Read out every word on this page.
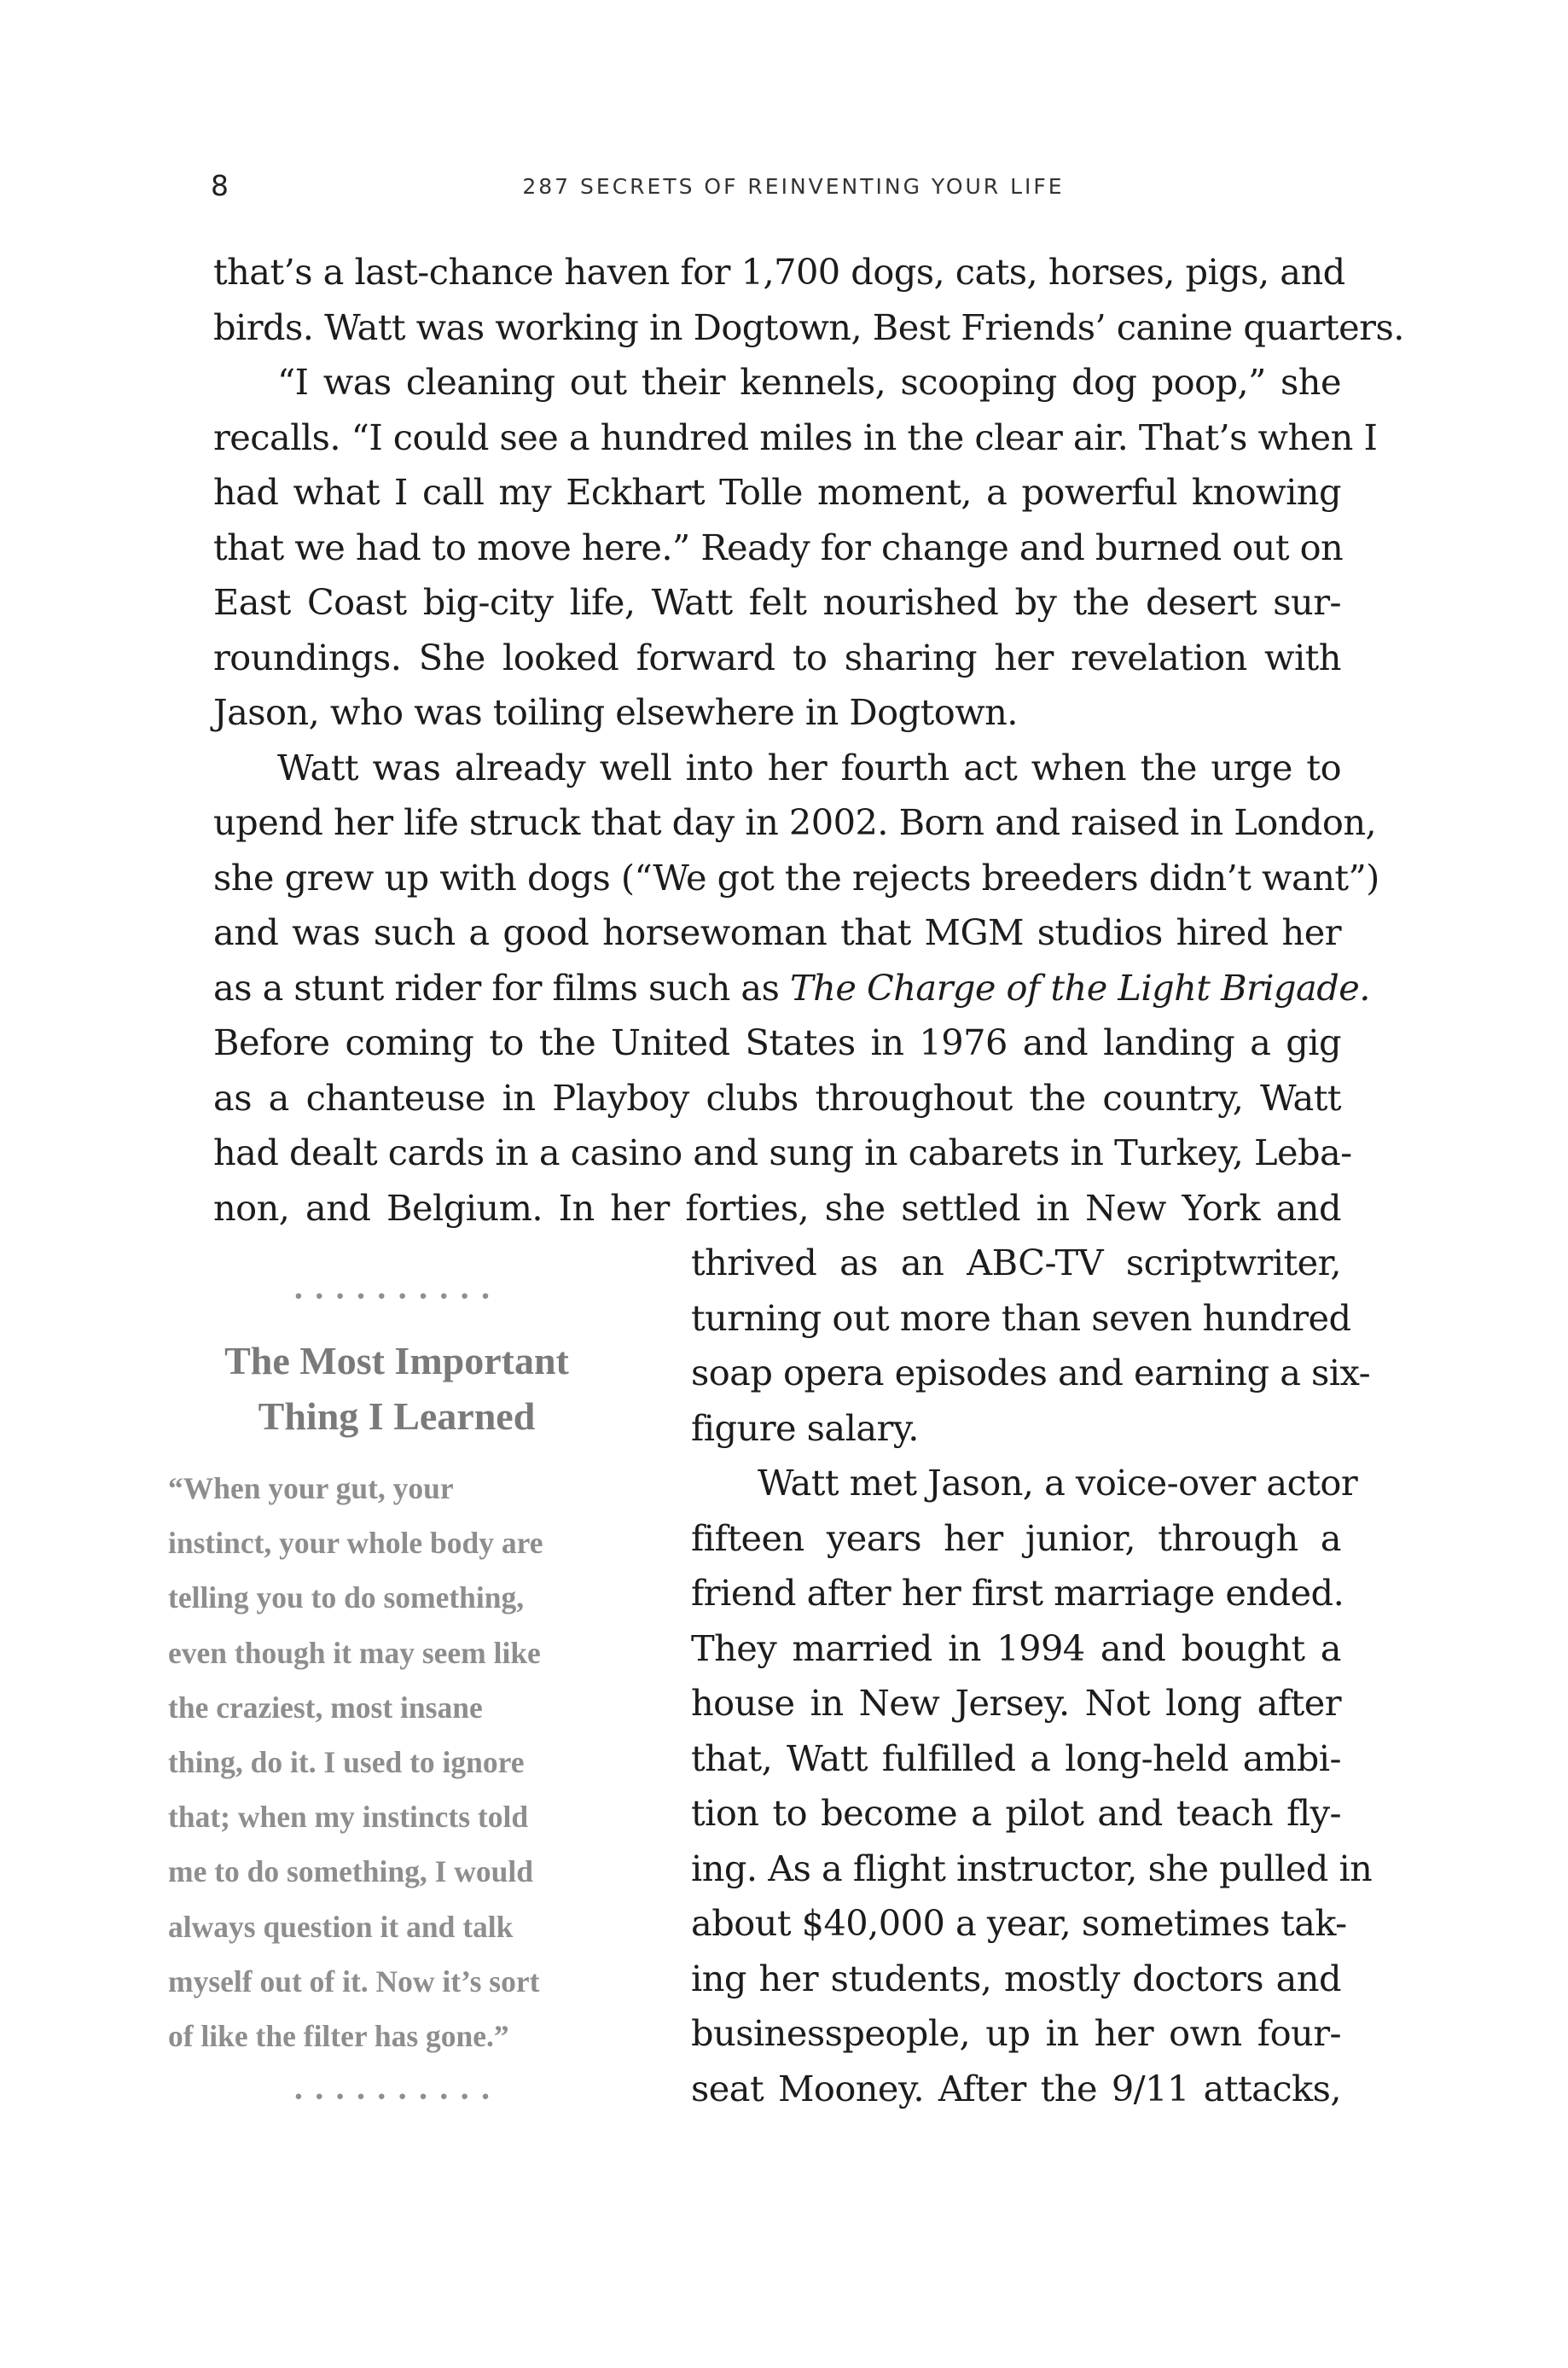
8	287 SECRETS OF REINVENTING YOUR LIFE

that’s a last-chance haven for 1,700 dogs, cats, horses, pigs, and

birds. Watt was working in Dogtown, Best Friends’ canine quarters.

“I was cleaning out their kennels, scooping dog poop,” she

recalls. “I could see a hundred miles in the clear air. That’s when I

had what I call my Eckhart Tolle moment, a powerful knowing

that we had to move here.” Ready for change and burned out on

East Coast big-city life, Watt felt nourished by the desert sur-

roundings. She looked forward to sharing her revelation with

Jason, who was toiling elsewhere in Dogtown.

Watt was already well into her fourth act when the urge to

upend her life struck that day in 2002. Born and raised in London,

she grew up with dogs (“We got the rejects breeders didn’t want”)

and was such a good horsewoman that MGM studios hired her

as a stunt rider for films such as The Charge of the Light Brigade.

Before coming to the United States in 1976 and landing a gig

as a chanteuse in Playboy clubs throughout the country, Watt

had dealt cards in a casino and sung in cabarets in Turkey, Leba-

non, and Belgium. In her forties, she settled in New York and

thrived as an ABC-TV scriptwriter,

turning out more than seven hundred

soap opera episodes and earning a six-

figure salary.

Watt met Jason, a voice-over actor

fifteen years her junior, through a

friend after her first marriage ended.

They married in 1994 and bought a

house in New Jersey. Not long after

that, Watt fulfilled a long-held ambi-

tion to become a pilot and teach fly-

ing. As a flight instructor, she pulled in

about $40,000 a year, sometimes tak-

ing her students, mostly doctors and

businesspeople, up in her own four-

seat Mooney. After the 9/11 attacks,

··········
The Most Important
Thing I Learned
“When your gut, your
instinct, your whole body are
telling you to do something,
even though it may seem like
the craziest, most insane
thing, do it. I used to ignore
that; when my instincts told
me to do something, I would
always question it and talk
myself out of it. Now it’s sort
of like the filter has gone.”
··········
